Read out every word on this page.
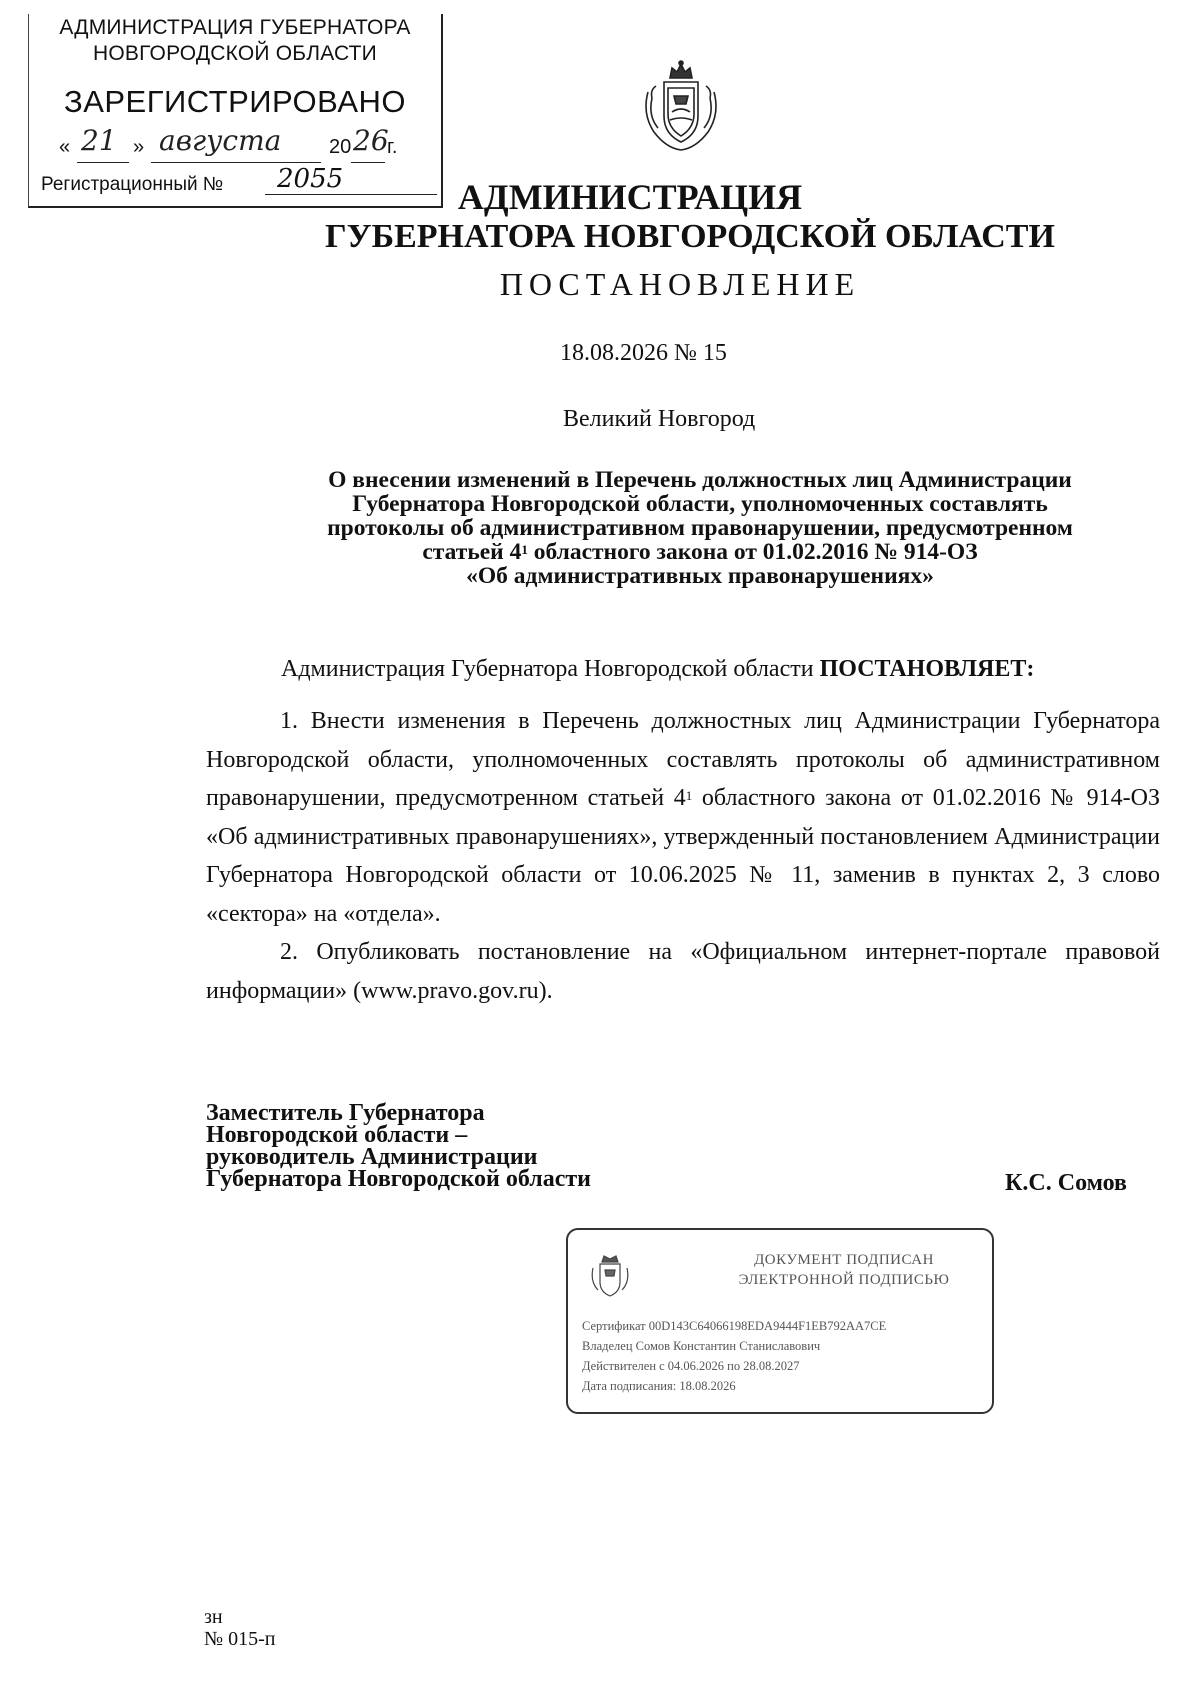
АДМИНИСТРАЦИЯ ГУБЕРНАТОРА
НОВГОРОДСКОЙ ОБЛАСТИ
ЗАРЕГИСТРИРОВАНО
« 21 » августа 20 26
г.
Регистрационный № 2055	АДМИНИСТРАЦИЯ
ГУБЕРНАТОРА НОВГОРОДСКОЙ ОБЛАСТИ
ПОСТАНОВЛЕНИЕ
18.08.2026 № 15
Великий Новгород
О внесении изменений в Перечень должностных лиц Администрации
Губернатора Новгородской области, уполномоченных составлять
протоколы об административном правонарушении, предусмотренном
статьей $4^1$ областного закона от 01.02.2016 № 914-ОЗ
«Об административных правонарушениях»
Администрация Губернатора Новгородской области ПОСТАНОВЛЯЕТ:

1. Внести изменения в Перечень должностных лиц Администрации Губернатора Новгородской области, уполномоченных составлять протоколы об административном правонарушении, предусмотренном статьей $4^1$ областного закона от 01.02.2016 № 914-ОЗ «Об административных правонарушениях», утвержденный постановлением Администрации Губернатора Новгородской области от 10.06.2025 № 11, заменив в пунктах 2, 3 слово «сектора» на «отдела».

2. Опубликовать постановление на «Официальном интернет-портале правовой информации» (www.pravo.gov.ru).

Заместитель Губернатора
Новгородской области –
руководитель Администрации
Губернатора Новгородской области	К.С. Сомов
ДОКУМЕНТ ПОДПИСАН
ЭЛЕКТРОННОЙ ПОДПИСЬЮ
Сертификат 00D143C64066198EDA9444F1EB792AA7CE
Владелец Сомов Константин Станиславович
Действителен с 04.06.2026 по 28.08.2027
Дата подписания: 18.08.2026
зн
№ 015-п
